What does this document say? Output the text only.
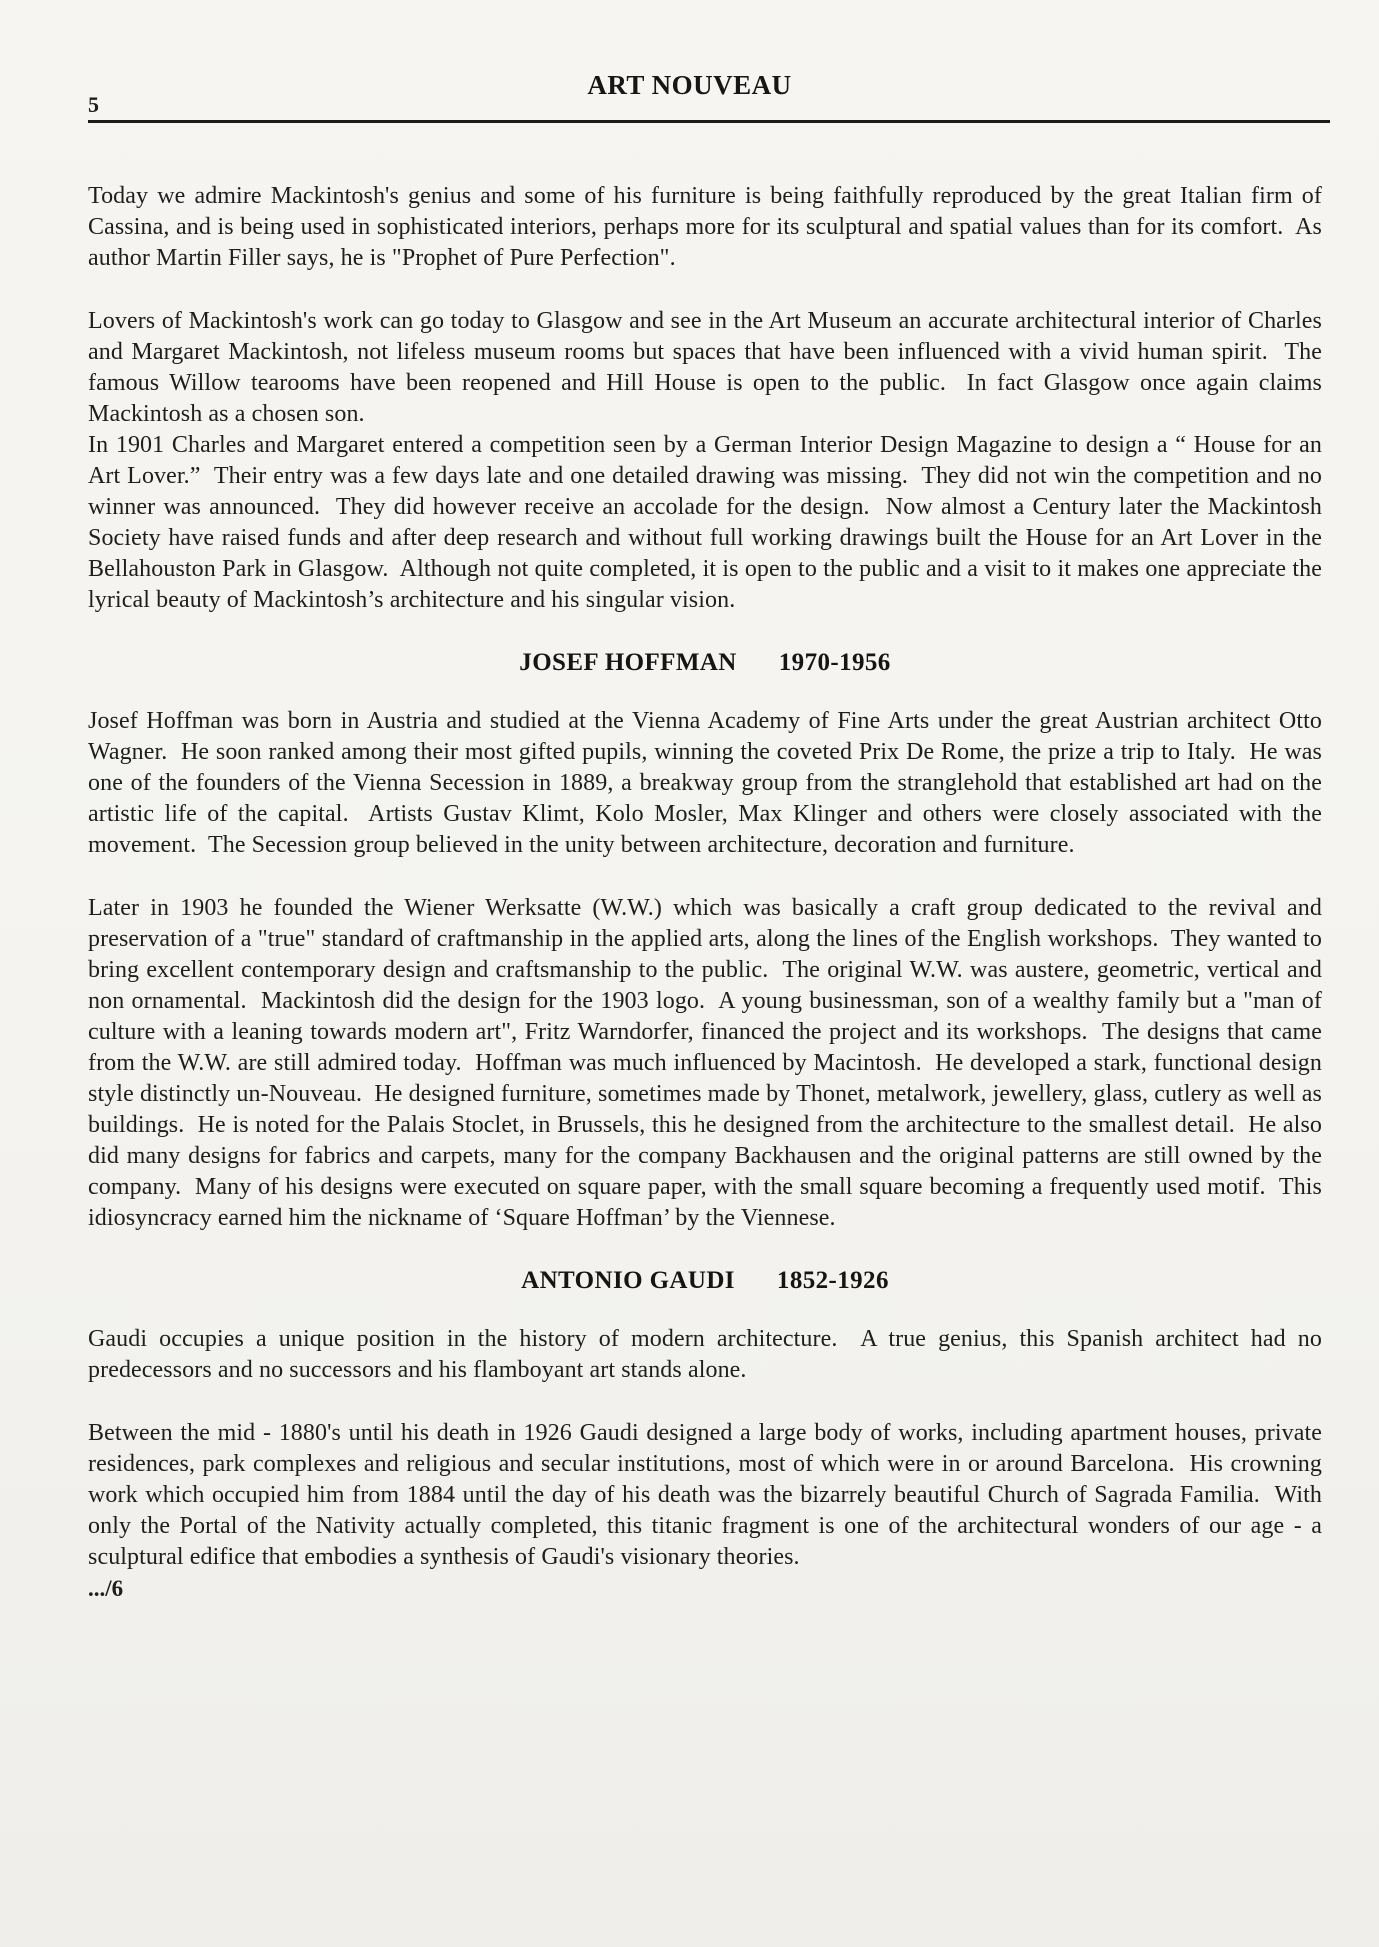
ART NOUVEAU
5

Today we admire Mackintosh's genius and some of his furniture is being faithfully reproduced by the great Italian firm of Cassina, and is being used in sophisticated interiors, perhaps more for its sculptural and spatial values than for its comfort.  As author Martin Filler says, he is "Prophet of Pure Perfection".

Lovers of Mackintosh's work can go today to Glasgow and see in the Art Museum an accurate architectural interior of Charles and Margaret Mackintosh, not lifeless museum rooms but spaces that have been influenced with a vivid human spirit.  The famous Willow tearooms have been reopened and Hill House is open to the public.  In fact Glasgow once again claims Mackintosh as a chosen son.

In 1901 Charles and Margaret entered a competition seen by a German Interior Design Magazine to design a “ House for an Art Lover.”  Their entry was a few days late and one detailed drawing was missing.  They did not win the competition and no winner was announced.  They did however receive an accolade for the design.  Now almost a Century later the Mackintosh Society have raised funds and after deep research and without full working drawings built the House for an Art Lover in the Bellahouston Park in Glasgow.  Although not quite completed, it is open to the public and a visit to it makes one appreciate the lyrical beauty of Mackintosh’s architecture and his singular vision.

JOSEF HOFFMAN 1970-1956

Josef Hoffman was born in Austria and studied at the Vienna Academy of Fine Arts under the great Austrian architect Otto Wagner.  He soon ranked among their most gifted pupils, winning the coveted Prix De Rome, the prize a trip to Italy.  He was one of the founders of the Vienna Secession in 1889, a breakway group from the stranglehold that established art had on the artistic life of the capital.  Artists Gustav Klimt, Kolo Mosler, Max Klinger and others were closely associated with the movement.  The Secession group believed in the unity between architecture, decoration and furniture.

Later in 1903 he founded the Wiener Werksatte (W.W.) which was basically a craft group dedicated to the revival and preservation of a "true" standard of craftmanship in the applied arts, along the lines of the English workshops.  They wanted to bring excellent contemporary design and craftsmanship to the public.  The original W.W. was austere, geometric, vertical and non ornamental.  Mackintosh did the design for the 1903 logo.  A young businessman, son of a wealthy family but a "man of culture with a leaning towards modern art", Fritz Warndorfer, financed the project and its workshops.  The designs that came from the W.W. are still admired today.  Hoffman was much influenced by Macintosh.  He developed a stark, functional design style distinctly un-Nouveau.  He designed furniture, sometimes made by Thonet, metalwork, jewellery, glass, cutlery as well as buildings.  He is noted for the Palais Stoclet, in Brussels, this he designed from the architecture to the smallest detail.  He also did many designs for fabrics and carpets, many for the company Backhausen and the original patterns are still owned by the company.  Many of his designs were executed on square paper, with the small square becoming a frequently used motif.  This idiosyncracy earned him the nickname of ‘Square Hoffman’ by the Viennese.

ANTONIO GAUDI 1852-1926

Gaudi occupies a unique position in the history of modern architecture.  A true genius, this Spanish architect had no predecessors and no successors and his flamboyant art stands alone.

Between the mid - 1880's until his death in 1926 Gaudi designed a large body of works, including apartment houses, private residences, park complexes and religious and secular institutions, most of which were in or around Barcelona.  His crowning work which occupied him from 1884 until the day of his death was the bizarrely beautiful Church of Sagrada Familia.  With only the Portal of the Nativity actually completed, this titanic fragment is one of the architectural wonders of our age - a sculptural edifice that embodies a synthesis of Gaudi's visionary theories.

.../6
